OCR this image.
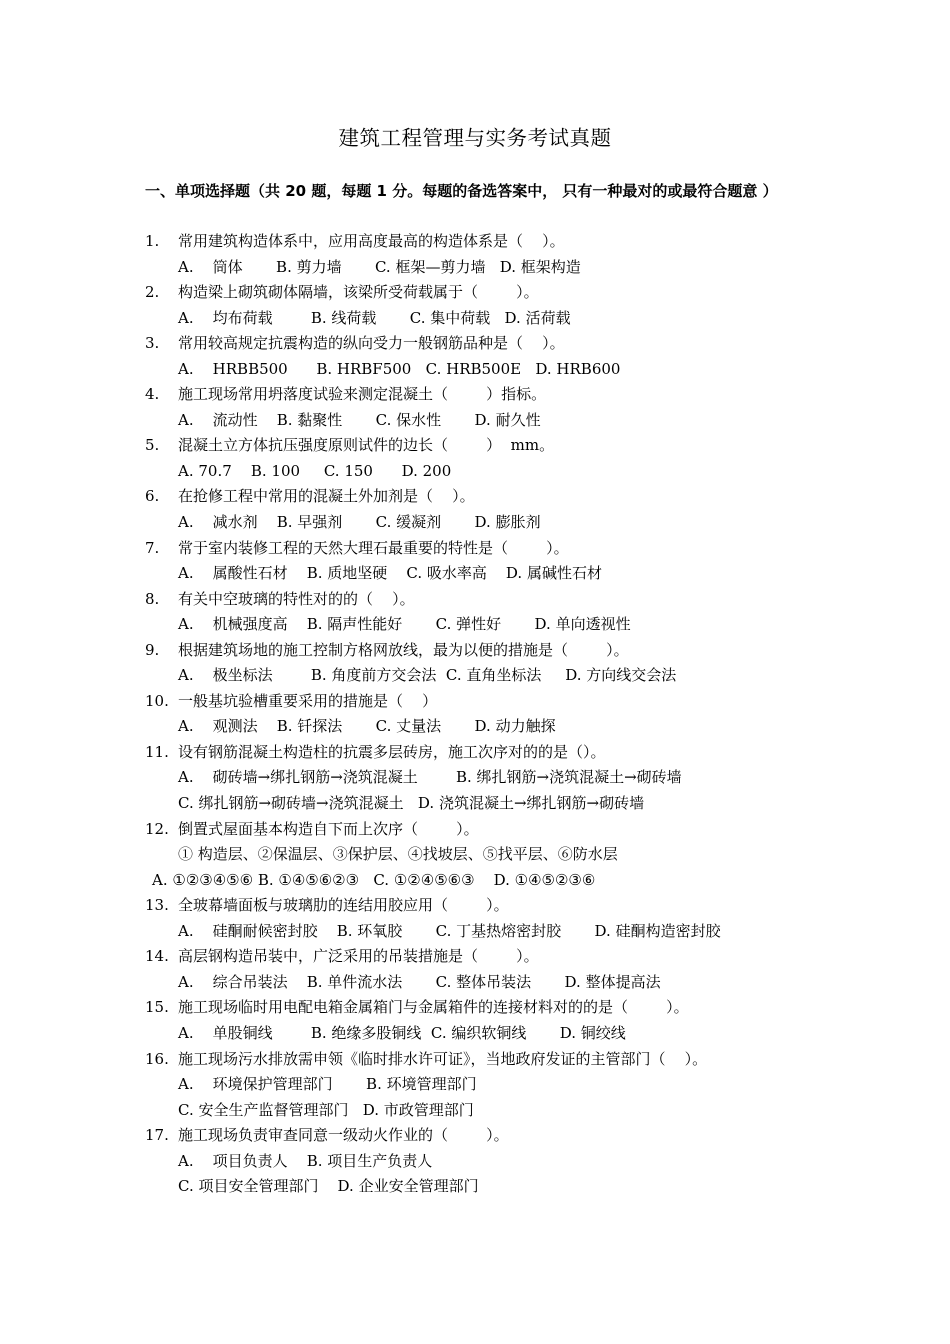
建筑工程管理与实务考试真题
一、单项选择题（共 20 题，每题 1 分。每题的备选答案中， 只有一种最对的或最符合题意 ）
1. 常用建筑构造体系中，应用高度最高的构造体系是（    ）。
A.    筒体       B. 剪力墙       C. 框架—剪力墙   D. 框架构造
2. 构造梁上砌筑砌体隔墙，该梁所受荷载属于（        ）。
A.    均布荷载        B. 线荷载       C. 集中荷载   D. 活荷载
3. 常用较高规定抗震构造的纵向受力一般钢筋品种是（    ）。
A.    HRBB500      B. HRBF500   C. HRB500E   D. HRB600
4. 施工现场常用坍落度试验来测定混凝土（        ）指标。
A.    流动性    B. 黏聚性       C. 保水性       D. 耐久性
5. 混凝土立方体抗压强度原则试件的边长（        ）  mm。
A. 70.7    B. 100     C. 150      D. 200
6. 在抢修工程中常用的混凝土外加剂是（    ）。
A.    减水剂    B. 早强剂       C. 缓凝剂       D. 膨胀剂
7. 常于室内装修工程的天然大理石最重要的特性是（        ）。
A.    属酸性石材    B. 质地坚硬    C. 吸水率高    D. 属碱性石材
8. 有关中空玻璃的特性对的的（    ）。
A.    机械强度高    B. 隔声性能好       C. 弹性好       D. 单向透视性
9. 根据建筑场地的施工控制方格网放线，最为以便的措施是（        ）。
A.    极坐标法        B. 角度前方交会法  C. 直角坐标法     D. 方向线交会法
10. 一般基坑验槽重要采用的措施是（    ）
A.    观测法    B. 钎探法       C. 丈量法       D. 动力触探
11. 设有钢筋混凝土构造柱的抗震多层砖房，施工次序对的的是（）。
A.    砌砖墙→绑扎钢筋→浇筑混凝土        B. 绑扎钢筋→浇筑混凝土→砌砖墙
C. 绑扎钢筋→砌砖墙→浇筑混凝土   D. 浇筑混凝土→绑扎钢筋→砌砖墙
12. 倒置式屋面基本构造自下而上次序（        ）。
① 构造层、②保温层、③保护层、④找坡层、⑤找平层、⑥防水层
A. ①②③④⑤⑥ B. ①④⑤⑥②③   C. ①②④⑤⑥③    D. ①④⑤②③⑥
13. 全玻幕墙面板与玻璃肋的连结用胶应用（        ）。
A.    硅酮耐候密封胶    B. 环氧胶       C. 丁基热熔密封胶       D. 硅酮构造密封胶
14. 高层钢构造吊装中，广泛采用的吊装措施是（        ）。
A.    综合吊装法    B. 单件流水法       C. 整体吊装法       D. 整体提高法
15. 施工现场临时用电配电箱金属箱门与金属箱件的连接材料对的的是（        ）。
A.    单股铜线        B. 绝缘多股铜线  C. 编织软铜线       D. 铜绞线
16. 施工现场污水排放需申领《临时排水许可证》，当地政府发证的主管部门（    ）。
A.    环境保护管理部门       B. 环境管理部门
C. 安全生产监督管理部门   D. 市政管理部门
17. 施工现场负责审查同意一级动火作业的（        ）。
A.    项目负责人    B. 项目生产负责人
C. 项目安全管理部门    D. 企业安全管理部门
